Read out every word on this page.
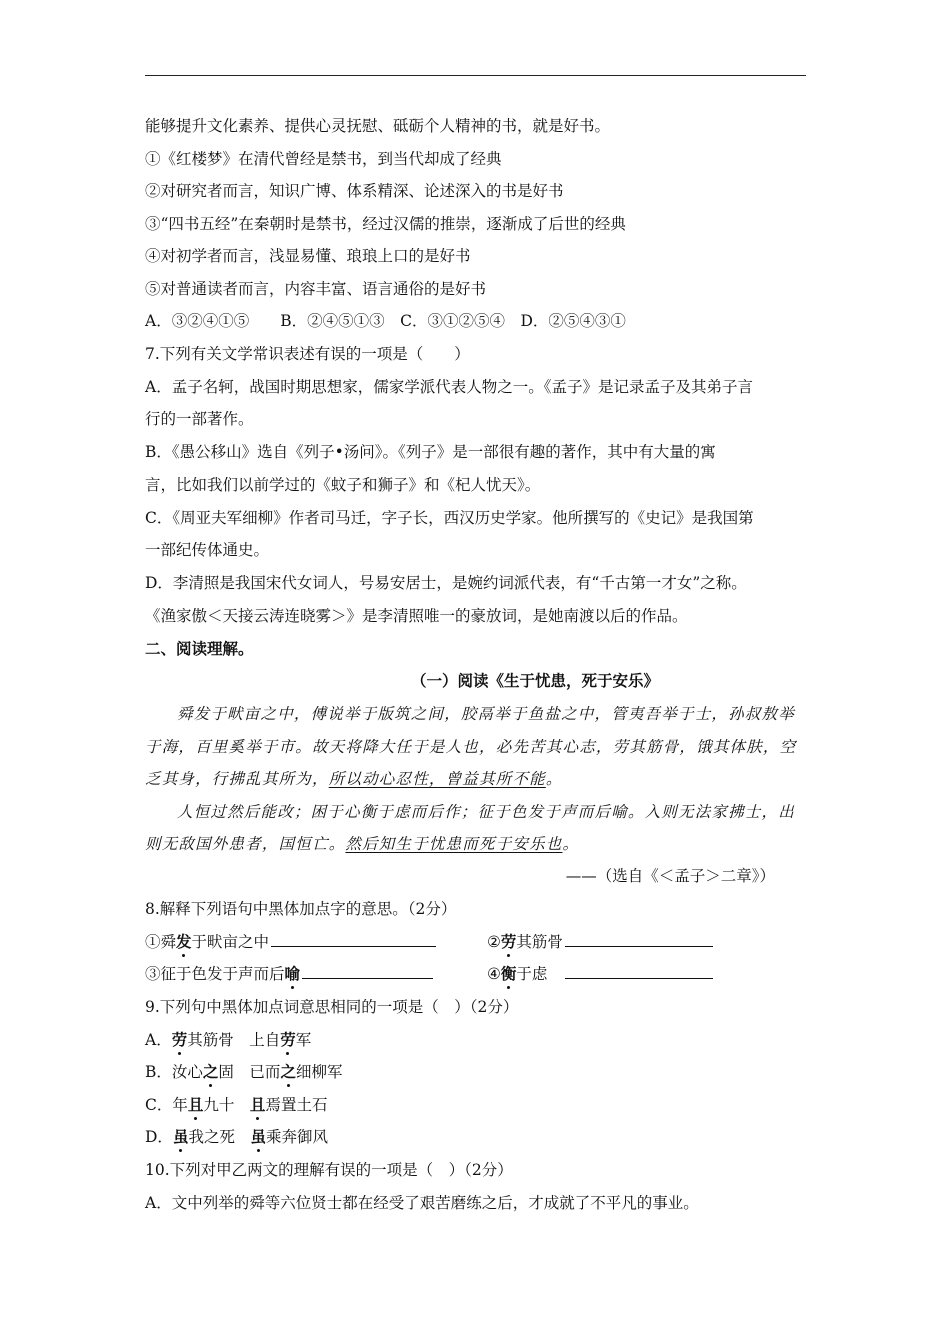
能够提升文化素养、提供心灵抚慰、砥砺个人精神的书，就是好书。
①《红楼梦》在清代曾经是禁书，到当代却成了经典
②对研究者而言，知识广博、体系精深、论述深入的书是好书
③“四书五经”在秦朝时是禁书，经过汉儒的推崇，逐渐成了后世的经典
④对初学者而言，浅显易懂、琅琅上口的是好书
⑤对普通读者而言，内容丰富、语言通俗的是好书
A．③②④①⑤　　B．②④⑤①③　C．③①②⑤④　D．②⑤④③①
7.下列有关文学常识表述有误的一项是（　　）
A．孟子名轲，战国时期思想家，儒家学派代表人物之一。《孟子》是记录孟子及其弟子言
行的一部著作。
B．《愚公移山》选自《列子•汤问》。《列子》是一部很有趣的著作，其中有大量的寓
言，比如我们以前学过的《蚊子和狮子》和《杞人忧天》。
C．《周亚夫军细柳》作者司马迁，字子长，西汉历史学家。他所撰写的《史记》是我国第
一部纪传体通史。
D．李清照是我国宋代女词人，号易安居士，是婉约词派代表，有“千古第一才女”之称。
《渔家傲＜天接云涛连晓雾＞》是李清照唯一的豪放词，是她南渡以后的作品。
二、阅读理解。
（一）阅读《生于忧患，死于安乐》
舜发于畎亩之中，傅说举于版筑之间，胶鬲举于鱼盐之中，管夷吾举于士，孙叔敖举
于海，百里奚举于市。故天将降大任于是人也，必先苦其心志，劳其筋骨，饿其体肤，空
乏其身，行拂乱其所为，所以动心忍性，曾益其所不能。
人恒过然后能改；困于心衡于虑而后作；征于色发于声而后喻。入则无法家拂士，出
则无敌国外患者，国恒亡。然后知生于忧患而死于安乐也。
——（选自《＜孟子＞二章》）
8.解释下列语句中黑体加点字的意思。（2分）
①舜发于畎亩之中	②劳其筋骨
③征于色发于声而后喻	④衡于虑　
9.下列句中黑体加点词意思相同的一项是（　）（2分）
A．劳其筋骨　上自劳军
B．汝心之固　已而之细柳军
C．年且九十　且焉置土石
D．虽我之死　虽乘奔御风
10.下列对甲乙两文的理解有误的一项是（　）（2分）
A．文中列举的舜等六位贤士都在经受了艰苦磨练之后，才成就了不平凡的事业。
